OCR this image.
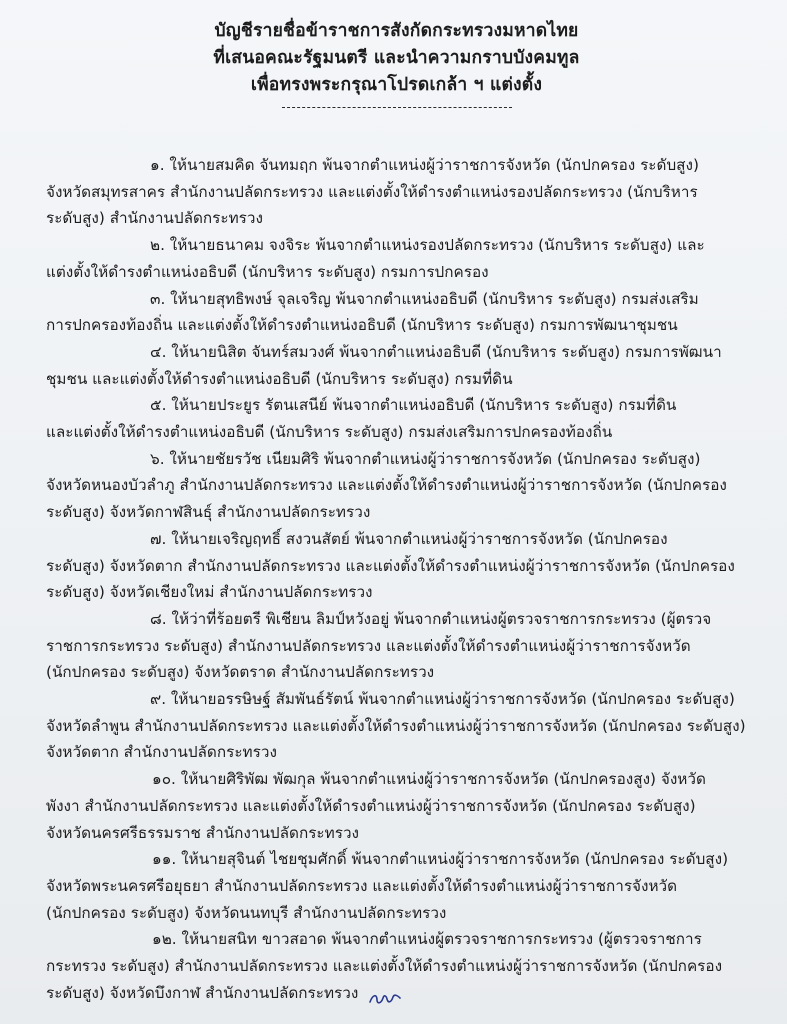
บัญชีรายชื่อข้าราชการสังกัดกระทรวงมหาดไทย
ที่เสนอคณะรัฐมนตรี และนำความกราบบังคมทูล
เพื่อทรงพระกรุณาโปรดเกล้า ฯ แต่งตั้ง
๑. ให้นายสมคิด จันทมฤก พ้นจากตำแหน่งผู้ว่าราชการจังหวัด (นักปกครอง ระดับสูง)
จังหวัดสมุทรสาคร สำนักงานปลัดกระทรวง และแต่งตั้งให้ดำรงตำแหน่งรองปลัดกระทรวง (นักบริหาร
ระดับสูง) สำนักงานปลัดกระทรวง
๒. ให้นายธนาคม จงจิระ พ้นจากตำแหน่งรองปลัดกระทรวง (นักบริหาร ระดับสูง) และ
แต่งตั้งให้ดำรงตำแหน่งอธิบดี (นักบริหาร ระดับสูง) กรมการปกครอง
๓. ให้นายสุทธิพงษ์ จุลเจริญ พ้นจากตำแหน่งอธิบดี (นักบริหาร ระดับสูง) กรมส่งเสริม
การปกครองท้องถิ่น และแต่งตั้งให้ดำรงตำแหน่งอธิบดี (นักบริหาร ระดับสูง) กรมการพัฒนาชุมชน
๔. ให้นายนิสิต จันทร์สมวงศ์ พ้นจากตำแหน่งอธิบดี (นักบริหาร ระดับสูง) กรมการพัฒนา
ชุมชน และแต่งตั้งให้ดำรงตำแหน่งอธิบดี (นักบริหาร ระดับสูง) กรมที่ดิน
๕. ให้นายประยูร รัตนเสนีย์ พ้นจากตำแหน่งอธิบดี (นักบริหาร ระดับสูง) กรมที่ดิน
และแต่งตั้งให้ดำรงตำแหน่งอธิบดี (นักบริหาร ระดับสูง) กรมส่งเสริมการปกครองท้องถิ่น
๖. ให้นายชัยรวัช เนียมศิริ พ้นจากตำแหน่งผู้ว่าราชการจังหวัด (นักปกครอง ระดับสูง)
จังหวัดหนองบัวลำภู สำนักงานปลัดกระทรวง และแต่งตั้งให้ดำรงตำแหน่งผู้ว่าราชการจังหวัด (นักปกครอง
ระดับสูง) จังหวัดกาฬสินธุ์ สำนักงานปลัดกระทรวง
๗. ให้นายเจริญฤทธิ์ สงวนสัตย์ พ้นจากตำแหน่งผู้ว่าราชการจังหวัด (นักปกครอง
ระดับสูง) จังหวัดตาก สำนักงานปลัดกระทรวง และแต่งตั้งให้ดำรงตำแหน่งผู้ว่าราชการจังหวัด (นักปกครอง
ระดับสูง) จังหวัดเชียงใหม่ สำนักงานปลัดกระทรวง
๘. ให้ว่าที่ร้อยตรี พิเชียน ลิมป์หวังอยู่ พ้นจากตำแหน่งผู้ตรวจราชการกระทรวง (ผู้ตรวจ
ราชการกระทรวง ระดับสูง) สำนักงานปลัดกระทรวง และแต่งตั้งให้ดำรงตำแหน่งผู้ว่าราชการจังหวัด
(นักปกครอง ระดับสูง) จังหวัดตราด สำนักงานปลัดกระทรวง
๙. ให้นายอรรษิษฐ์ สัมพันธ์รัตน์ พ้นจากตำแหน่งผู้ว่าราชการจังหวัด (นักปกครอง ระดับสูง)
จังหวัดลำพูน สำนักงานปลัดกระทรวง และแต่งตั้งให้ดำรงตำแหน่งผู้ว่าราชการจังหวัด (นักปกครอง ระดับสูง)
จังหวัดตาก สำนักงานปลัดกระทรวง
๑๐. ให้นายศิริพัฒ พัฒกุล พ้นจากตำแหน่งผู้ว่าราชการจังหวัด (นักปกครองสูง) จังหวัด
พังงา สำนักงานปลัดกระทรวง และแต่งตั้งให้ดำรงตำแหน่งผู้ว่าราชการจังหวัด (นักปกครอง ระดับสูง)
จังหวัดนครศรีธรรมราช สำนักงานปลัดกระทรวง
๑๑. ให้นายสุจินต์ ไชยชุมศักดิ์ พ้นจากตำแหน่งผู้ว่าราชการจังหวัด (นักปกครอง ระดับสูง)
จังหวัดพระนครศรีอยุธยา สำนักงานปลัดกระทรวง และแต่งตั้งให้ดำรงตำแหน่งผู้ว่าราชการจังหวัด
(นักปกครอง ระดับสูง) จังหวัดนนทบุรี สำนักงานปลัดกระทรวง
๑๒. ให้นายสนิท ขาวสอาด พ้นจากตำแหน่งผู้ตรวจราชการกระทรวง (ผู้ตรวจราชการ
กระทรวง ระดับสูง) สำนักงานปลัดกระทรวง และแต่งตั้งให้ดำรงตำแหน่งผู้ว่าราชการจังหวัด (นักปกครอง
ระดับสูง) จังหวัดบึงกาฬ สำนักงานปลัดกระทรวง
